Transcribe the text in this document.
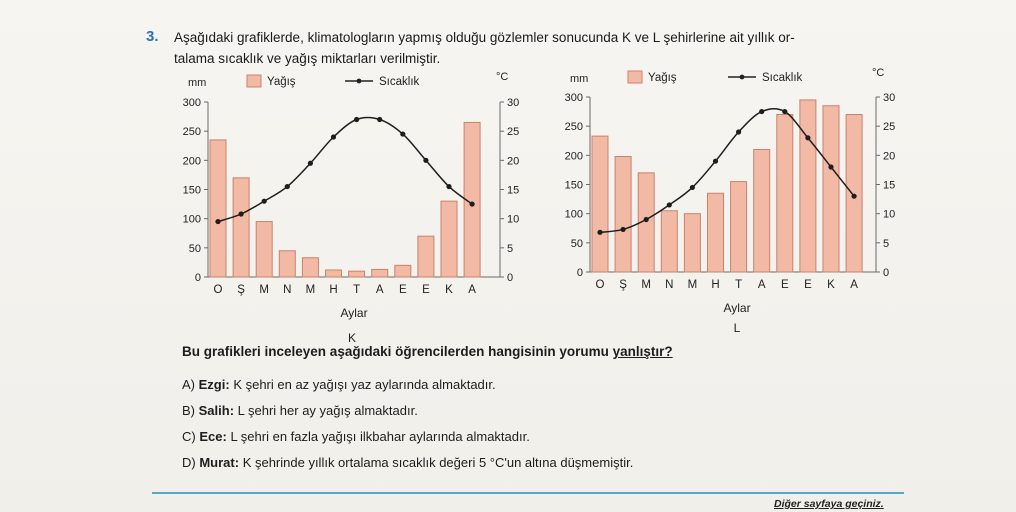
3. Aşağıdaki grafiklerde, klimatologların yapmış olduğu gözlemler sonucunda K ve L şehirlerine ait yıllık or-
talama sıcaklık ve yağış miktarları verilmiştir.
mm	°C
Yağış	Sıcaklık
300
250
200
150
100
50
0
30
25
20
15
10
5
0
O Ş M N M H T A E E K A
Aylar
K
mm	°C
Yağış	Sıcaklık
300
250
200
150
100
50
0
30
25
20
15
10
5
0
O Ş M N M H T A E E K A
Aylar
L
Bu grafikleri inceleyen aşağıdaki öğrencilerden hangisinin yorumu yanlıştır?
A) Ezgi: K şehri en az yağışı yaz aylarında almaktadır.
B) Salih: L şehri her ay yağış almaktadır.
C) Ece: L şehri en fazla yağışı ilkbahar aylarında almaktadır.
D) Murat: K şehrinde yıllık ortalama sıcaklık değeri 5 °C'un altına düşmemiştir.
Diğer sayfaya geçiniz.
